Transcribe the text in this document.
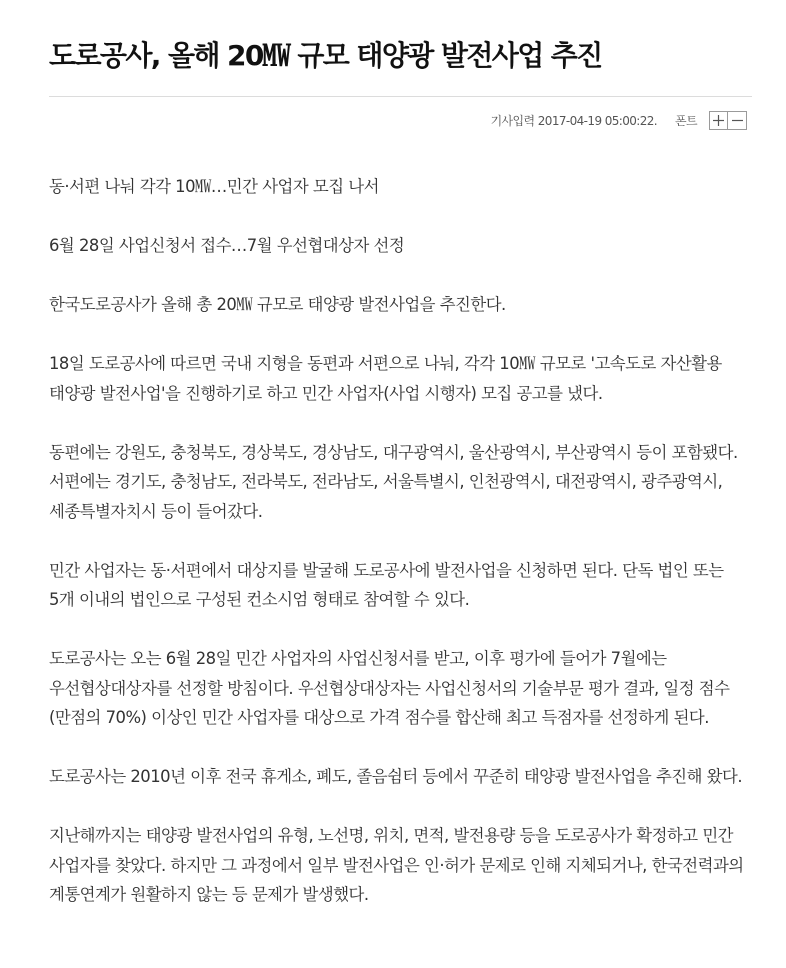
도로공사, 올해 20㎿ 규모 태양광 발전사업 추진
기사입력 2017-04-19 05:00:22. 폰트

동·서편 나눠 각각 10㎿…민간 사업자 모집 나서

6월 28일 사업신청서 접수…7월 우선협대상자 선정

한국도로공사가 올해 총 20㎿ 규모로 태양광 발전사업을 추진한다.

18일 도로공사에 따르면 국내 지형을 동편과 서편으로 나눠, 각각 10㎿ 규모로 '고속도로 자산활용 태양광 발전사업'을 진행하기로 하고 민간 사업자(사업 시행자) 모집 공고를 냈다.

동편에는 강원도, 충청북도, 경상북도, 경상남도, 대구광역시, 울산광역시, 부산광역시 등이 포함됐다. 서편에는 경기도, 충청남도, 전라북도, 전라남도, 서울특별시, 인천광역시, 대전광역시, 광주광역시, 세종특별자치시 등이 들어갔다.

민간 사업자는 동·서편에서 대상지를 발굴해 도로공사에 발전사업을 신청하면 된다. 단독 법인 또는 5개 이내의 법인으로 구성된 컨소시엄 형태로 참여할 수 있다.

도로공사는 오는 6월 28일 민간 사업자의 사업신청서를 받고, 이후 평가에 들어가 7월에는 우선협상대상자를 선정할 방침이다. 우선협상대상자는 사업신청서의 기술부문 평가 결과, 일정 점수(만점의 70%) 이상인 민간 사업자를 대상으로 가격 점수를 합산해 최고 득점자를 선정하게 된다.

도로공사는 2010년 이후 전국 휴게소, 폐도, 졸음쉼터 등에서 꾸준히 태양광 발전사업을 추진해 왔다.

지난해까지는 태양광 발전사업의 유형, 노선명, 위치, 면적, 발전용량 등을 도로공사가 확정하고 민간 사업자를 찾았다. 하지만 그 과정에서 일부 발전사업은 인·허가 문제로 인해 지체되거나, 한국전력과의 계통연계가 원활하지 않는 등 문제가 발생했다.
